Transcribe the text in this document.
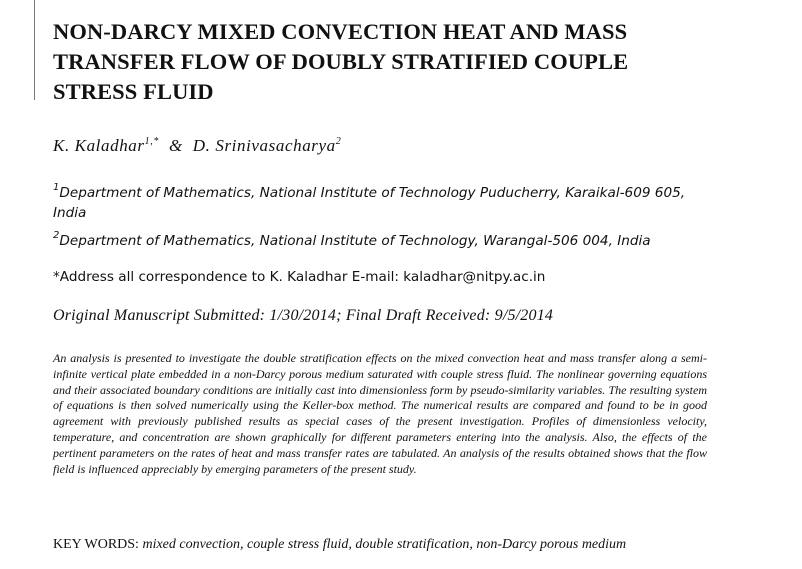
NON-DARCY MIXED CONVECTION HEAT AND MASS TRANSFER FLOW OF DOUBLY STRATIFIED COUPLE STRESS FLUID
K. Kaladhar$^{1,*}$ & D. Srinivasacharya$^2$
$^1$Department of Mathematics, National Institute of Technology Puducherry, Karaikal-609 605, India
$^2$Department of Mathematics, National Institute of Technology, Warangal-506 004, India
*Address all correspondence to K. Kaladhar E-mail: kaladhar@nitpy.ac.in
Original Manuscript Submitted: 1/30/2014; Final Draft Received: 9/5/2014
An analysis is presented to investigate the double stratification effects on the mixed convection heat and mass transfer along a semi-infinite vertical plate embedded in a non-Darcy porous medium saturated with couple stress fluid. The nonlinear governing equations and their associated boundary conditions are initially cast into dimensionless form by pseudo-similarity variables. The resulting system of equations is then solved numerically using the Keller-box method. The numerical results are compared and found to be in good agreement with previously published results as special cases of the present investigation. Profiles of dimensionless velocity, temperature, and concentration are shown graphically for different parameters entering into the analysis. Also, the effects of the pertinent parameters on the rates of heat and mass transfer rates are tabulated. An analysis of the results obtained shows that the flow field is influenced appreciably by emerging parameters of the present study.
KEY WORDS: mixed convection, couple stress fluid, double stratification, non-Darcy porous medium
